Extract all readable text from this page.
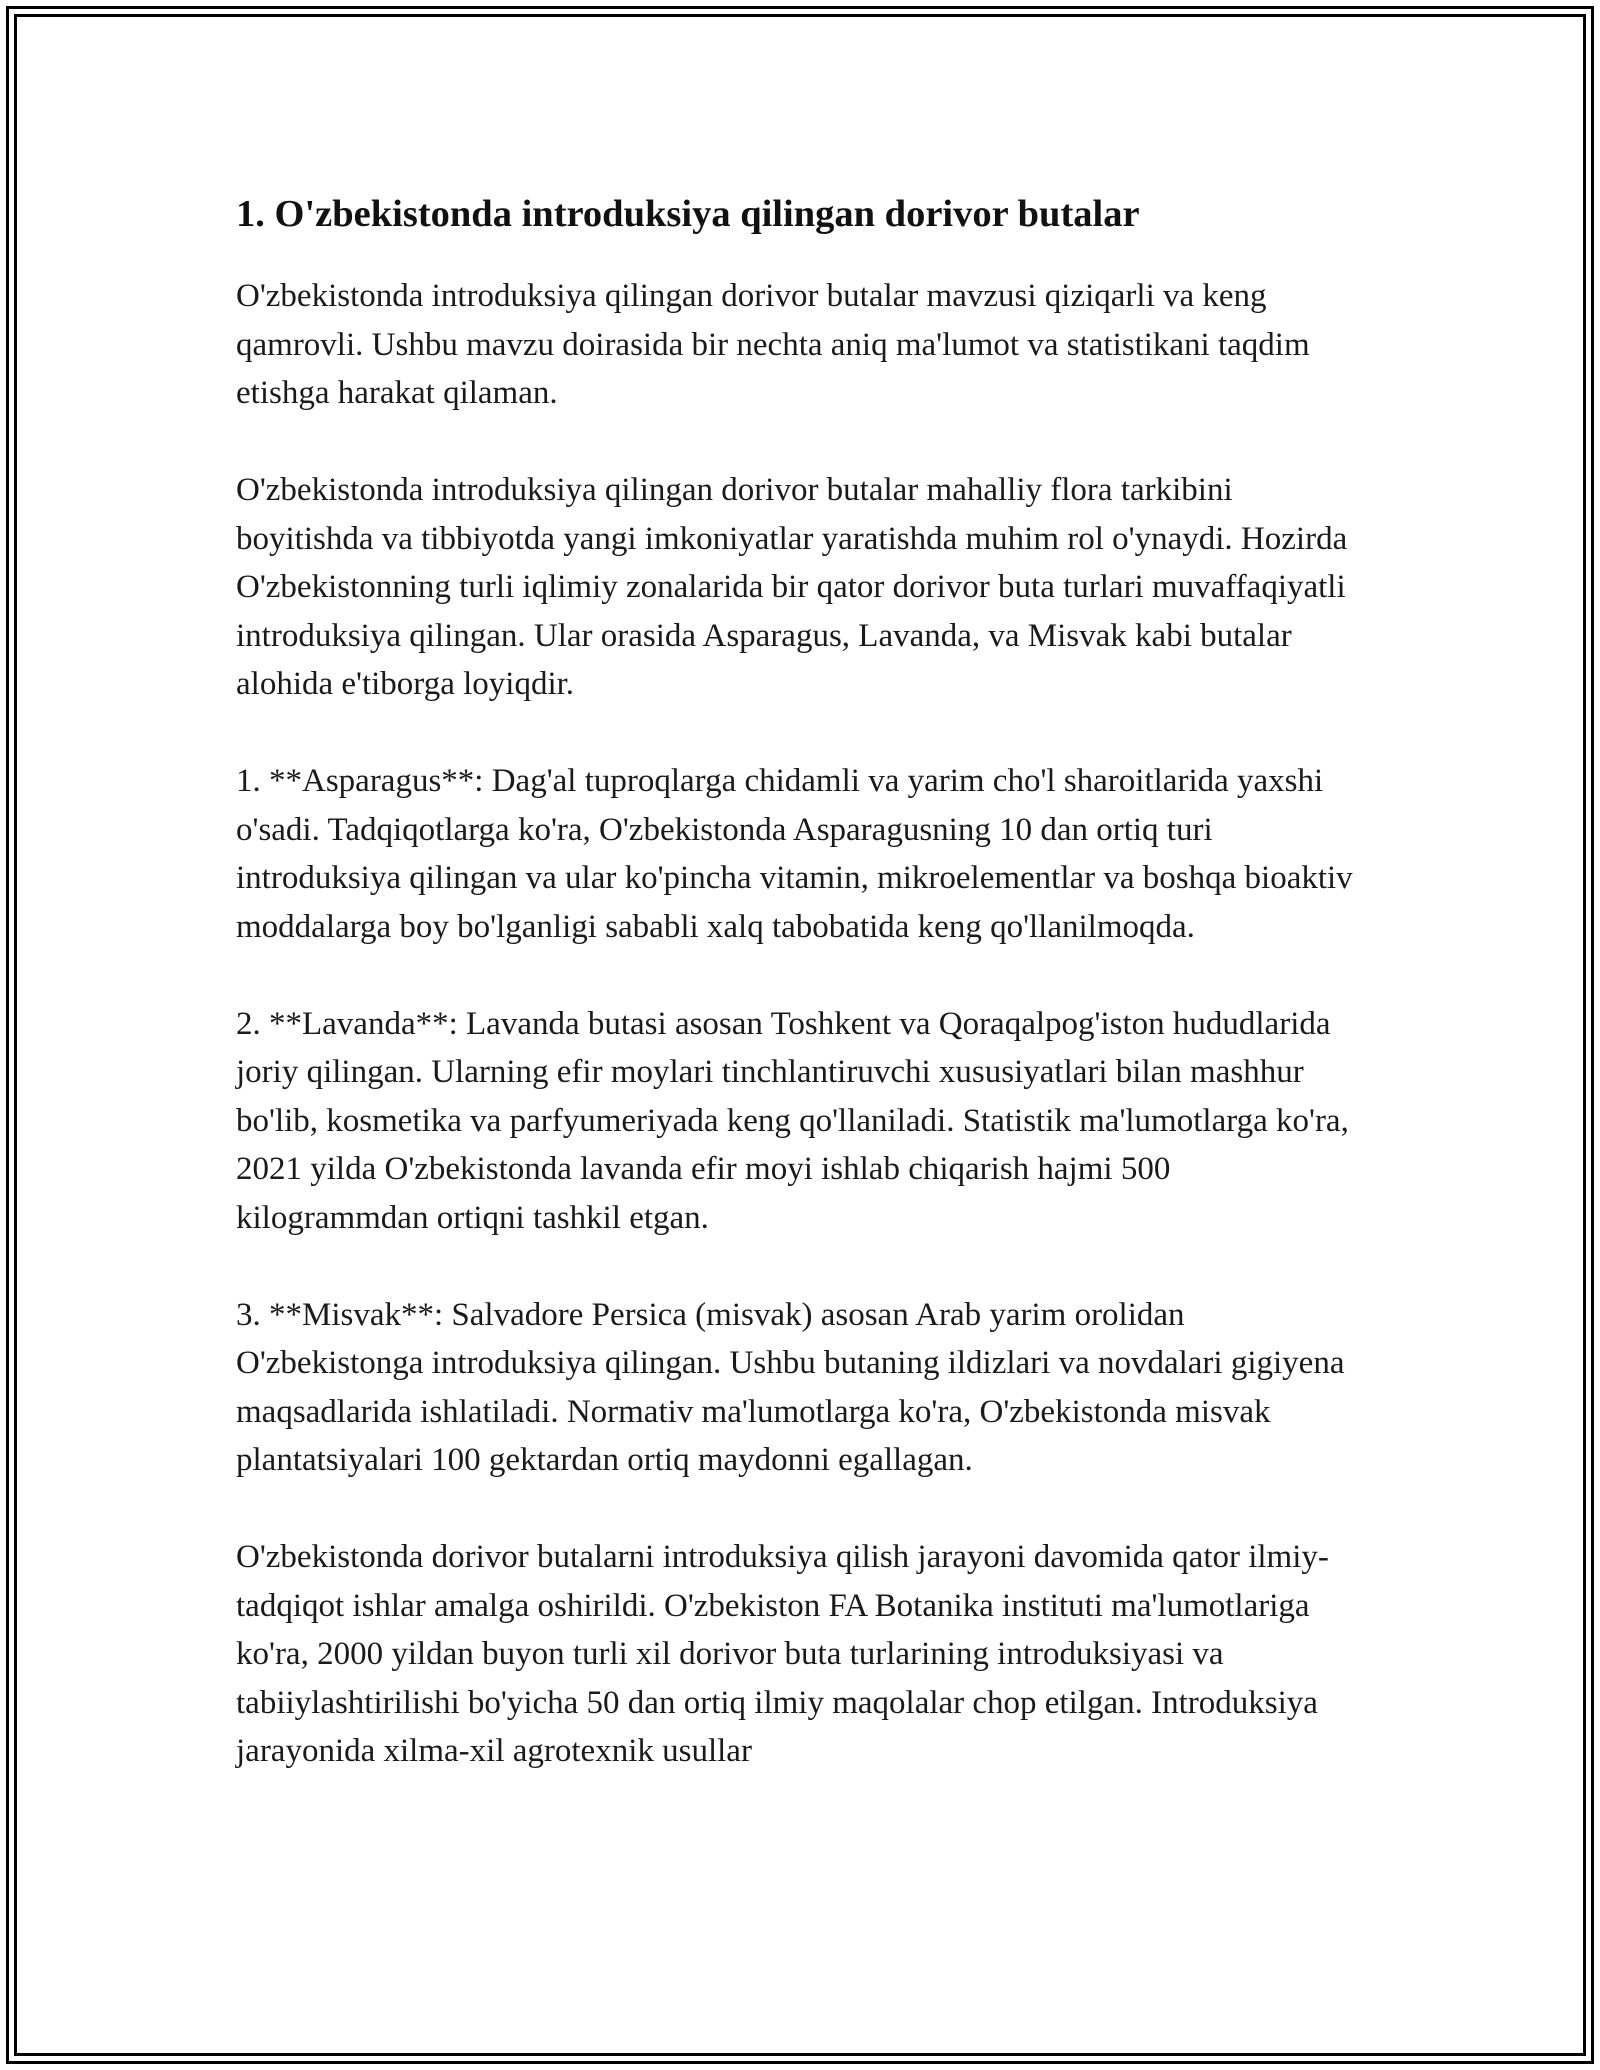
1. O'zbekistonda introduksiya qilingan dorivor butalar

O'zbekistonda introduksiya qilingan dorivor butalar mavzusi qiziqarli va keng qamrovli. Ushbu mavzu doirasida bir nechta aniq ma'lumot va statistikani taqdim etishga harakat qilaman.

O'zbekistonda introduksiya qilingan dorivor butalar mahalliy flora tarkibini boyitishda va tibbiyotda yangi imkoniyatlar yaratishda muhim rol o'ynaydi. Hozirda O'zbekistonning turli iqlimiy zonalarida bir qator dorivor buta turlari muvaffaqiyatli introduksiya qilingan. Ular orasida Asparagus, Lavanda, va Misvak kabi butalar alohida e'tiborga loyiqdir.

1. **Asparagus**: Dag'al tuproqlarga chidamli va yarim cho'l sharoitlarida yaxshi o'sadi. Tadqiqotlarga ko'ra, O'zbekistonda Asparagusning 10 dan ortiq turi introduksiya qilingan va ular ko'pincha vitamin, mikroelementlar va boshqa bioaktiv moddalarga boy bo'lganligi sababli xalq tabobatida keng qo'llanilmoqda.

2. **Lavanda**: Lavanda butasi asosan Toshkent va Qoraqalpog'iston hududlarida joriy qilingan. Ularning efir moylari tinchlantiruvchi xususiyatlari bilan mashhur bo'lib, kosmetika va parfyumeriyada keng qo'llaniladi. Statistik ma'lumotlarga ko'ra, 2021 yilda O'zbekistonda lavanda efir moyi ishlab chiqarish hajmi 500 kilogrammdan ortiqni tashkil etgan.

3. **Misvak**: Salvadore Persica (misvak) asosan Arab yarim orolidan O'zbekistonga introduksiya qilingan. Ushbu butaning ildizlari va novdalari gigiyena maqsadlarida ishlatiladi. Normativ ma'lumotlarga ko'ra, O'zbekistonda misvak plantatsiyalari 100 gektardan ortiq maydonni egallagan.

O'zbekistonda dorivor butalarni introduksiya qilish jarayoni davomida qator ilmiy-tadqiqot ishlar amalga oshirildi. O'zbekiston FA Botanika instituti ma'lumotlariga ko'ra, 2000 yildan buyon turli xil dorivor buta turlarining introduksiyasi va tabiiylashtirilishi bo'yicha 50 dan ortiq ilmiy maqolalar chop etilgan. Introduksiya jarayonida xilma-xil agrotexnik usullar
